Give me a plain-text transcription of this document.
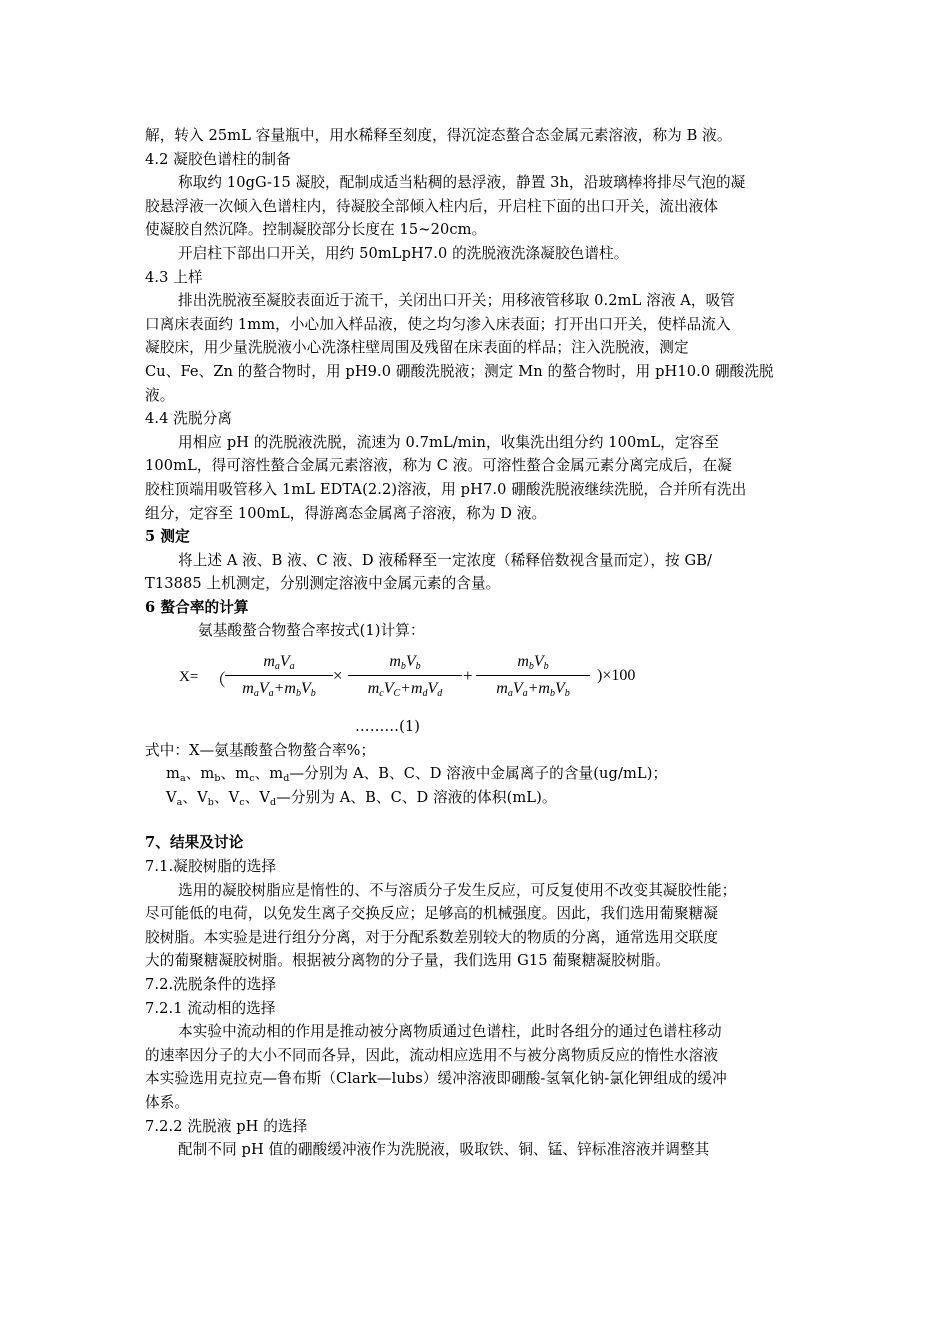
解，转入 25mL 容量瓶中，用水稀释至刻度，得沉淀态螯合态金属元素溶液，称为 B 液。
4.2 凝胶色谱柱的制备
称取约 10gG-15 凝胶，配制成适当粘稠的悬浮液，静置 3h，沿玻璃棒将排尽气泡的凝
胶悬浮液一次倾入色谱柱内，待凝胶全部倾入柱内后，开启柱下面的出口开关，流出液体
使凝胶自然沉降。控制凝胶部分长度在 15~20cm。
开启柱下部出口开关，用约 50mLpH7.0 的洗脱液洗涤凝胶色谱柱。
4.3 上样
排出洗脱液至凝胶表面近于流干，关闭出口开关；用移液管移取 0.2mL 溶液 A，吸管
口离床表面约 1mm，小心加入样品液，使之均匀渗入床表面；打开出口开关，使样品流入
凝胶床，用少量洗脱液小心洗涤柱壁周围及残留在床表面的样品；注入洗脱液，测定
Cu、Fe、Zn 的螯合物时，用 pH9.0 硼酸洗脱液；测定 Mn 的螯合物时，用 pH10.0 硼酸洗脱
液。
4.4 洗脱分离
用相应 pH 的洗脱液洗脱，流速为 0.7mL/min，收集洗出组分约 100mL，定容至
100mL，得可溶性螯合金属元素溶液，称为 C 液。可溶性螯合金属元素分离完成后，在凝
胶柱顶端用吸管移入 1mL EDTA(2.2)溶液，用 pH7.0 硼酸洗脱液继续洗脱，合并所有洗出
组分，定容至 100mL，得游离态金属离子溶液，称为 D 液。
5 测定
将上述 A 液、B 液、C 液、D 液稀释至一定浓度（稀释倍数视含量而定），按 GB/
T13885 上机测定，分别测定溶液中金属元素的含量。
6 螯合率的计算
氨基酸螯合物螯合率按式(1)计算：
X= （
$m_aV_a$
$m_aV_a+m_bV_b$
×
$m_bV_b$
$m_cV_C+m_dV_d$
+
$m_bV_b$
$m_aV_a+m_bV_b$
)×100
………(1)
式中：X—氨基酸螯合物螯合率%；
$m_a$、$m_b$、$m_c$、$m_d—$分别为 A、B、C、D 溶液中金属离子的含量(ug/mL)；
$V_a$、$V_b$、$V_c$、$V_d—$分别为 A、B、C、D 溶液的体积(mL)。
7、结果及讨论
7.1.凝胶树脂的选择
选用的凝胶树脂应是惰性的、不与溶质分子发生反应，可反复使用不改变其凝胶性能；
尽可能低的电荷，以免发生离子交换反应；足够高的机械强度。因此，我们选用葡聚糖凝
胶树脂。本实验是进行组分分离，对于分配系数差别较大的物质的分离，通常选用交联度
大的葡聚糖凝胶树脂。根据被分离物的分子量，我们选用 G15 葡聚糖凝胶树脂。
7.2.洗脱条件的选择
7.2.1 流动相的选择
本实验中流动相的作用是推动被分离物质通过色谱柱，此时各组分的通过色谱柱移动
的速率因分子的大小不同而各异，因此，流动相应选用不与被分离物质反应的惰性水溶液
本实验选用克拉克—鲁布斯（Clark—lubs）缓冲溶液即硼酸-氢氧化钠-氯化钾组成的缓冲
体系。
7.2.2 洗脱液 pH 的选择
配制不同 pH 值的硼酸缓冲液作为洗脱液，吸取铁、铜、锰、锌标准溶液并调整其
